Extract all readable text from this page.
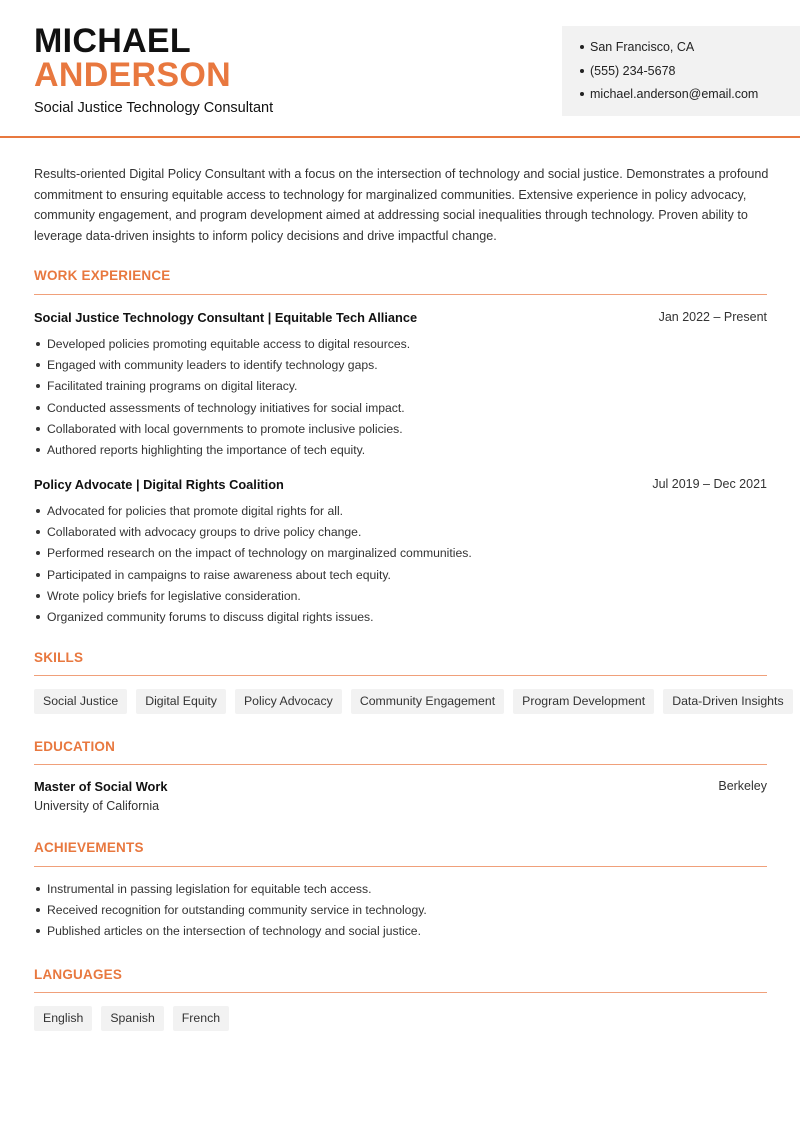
MICHAEL
ANDERSON
Social Justice Technology Consultant
San Francisco, CA
(555) 234-5678
michael.anderson@email.com

Results-oriented Digital Policy Consultant with a focus on the intersection of technology and social justice. Demonstrates a profound commitment to ensuring equitable access to technology for marginalized communities. Extensive experience in policy advocacy, community engagement, and program development aimed at addressing social inequalities through technology. Proven ability to leverage data-driven insights to inform policy decisions and drive impactful change.

WORK EXPERIENCE
Social Justice Technology Consultant | Equitable Tech Alliance	Jan 2022 – Present
Developed policies promoting equitable access to digital resources.
Engaged with community leaders to identify technology gaps.
Facilitated training programs on digital literacy.
Conducted assessments of technology initiatives for social impact.
Collaborated with local governments to promote inclusive policies.
Authored reports highlighting the importance of tech equity.
Policy Advocate | Digital Rights Coalition	Jul 2019 – Dec 2021
Advocated for policies that promote digital rights for all.
Collaborated with advocacy groups to drive policy change.
Performed research on the impact of technology on marginalized communities.
Participated in campaigns to raise awareness about tech equity.
Wrote policy briefs for legislative consideration.
Organized community forums to discuss digital rights issues.
SKILLS
Social Justice	Digital Equity	Policy Advocacy	Community Engagement	Program Development	Data-Driven Insights
EDUCATION
Master of Social Work	Berkeley
University of California
ACHIEVEMENTS
Instrumental in passing legislation for equitable tech access.
Received recognition for outstanding community service in technology.
Published articles on the intersection of technology and social justice.
LANGUAGES
English	Spanish	French
